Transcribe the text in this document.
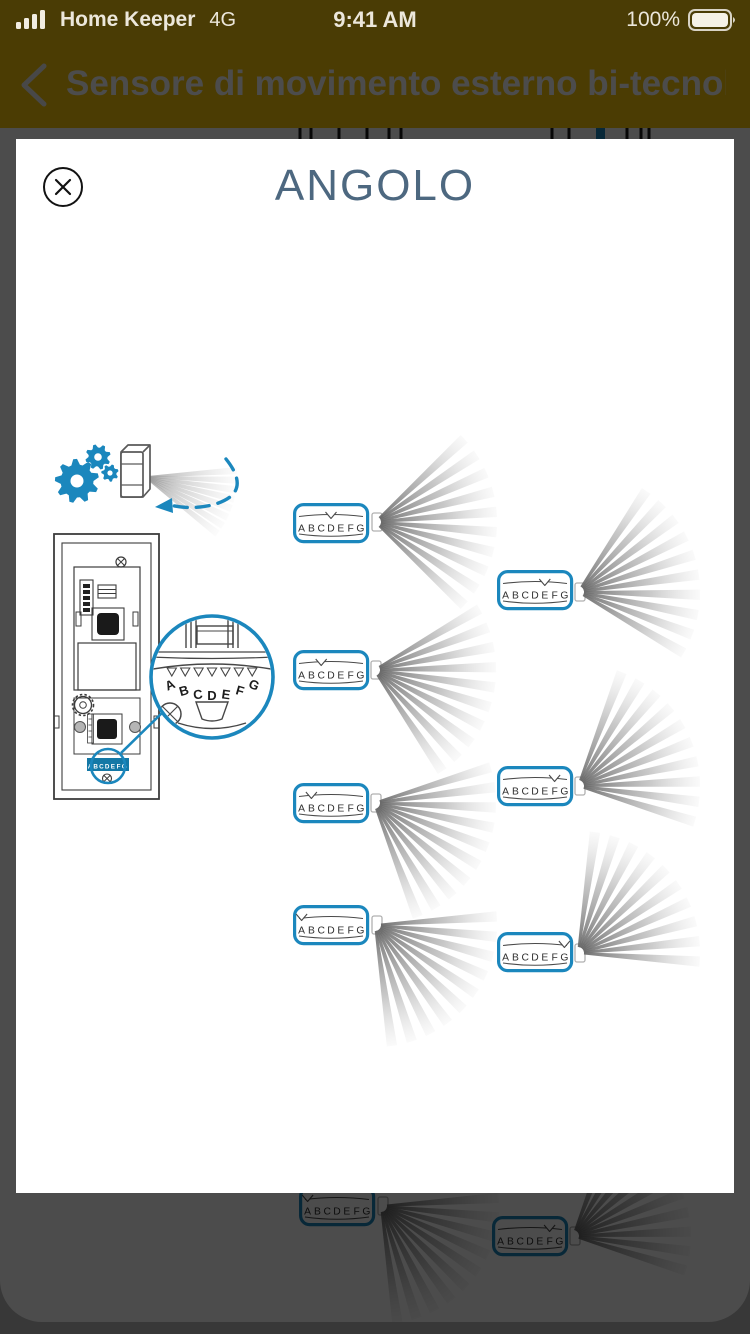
ANGOLO
A B C D E F G
A B C D E F G
A B C D E F G
A B C D E F G
A B C D E F G
A B C D E F G
A B C D E F G
A B C D E F G
A B C D E F G
Home Keeper 4G	9:41 AM	100%
